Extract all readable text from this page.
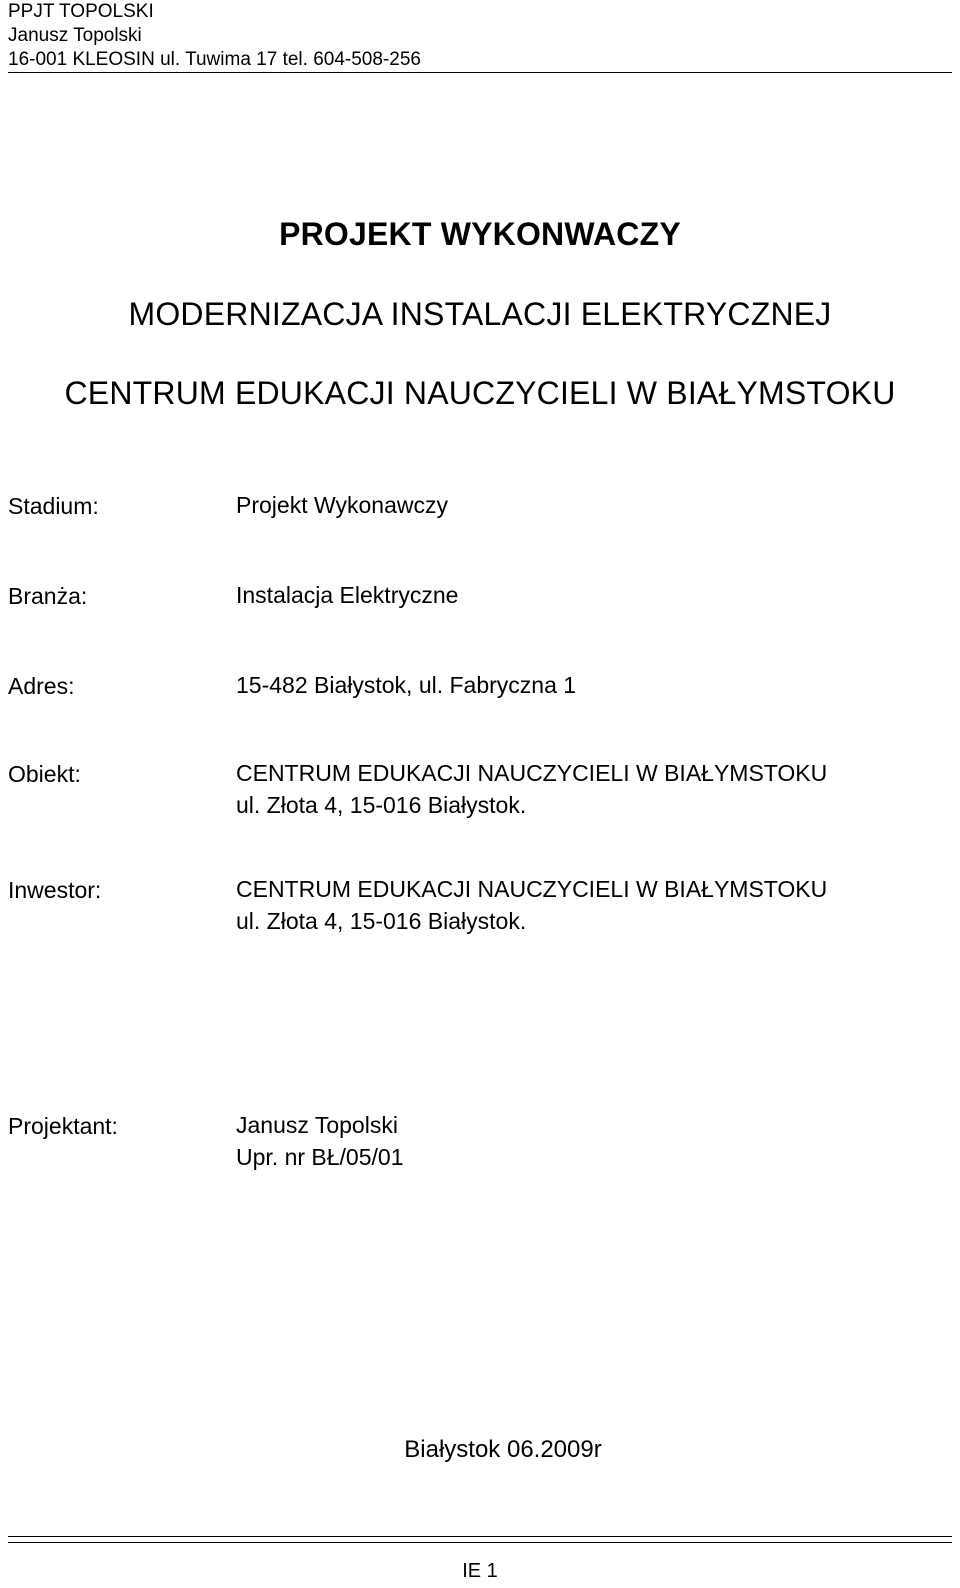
PPJT TOPOLSKI
Janusz Topolski
16-001 KLEOSIN ul. Tuwima 17 tel. 604-508-256
PROJEKT WYKONWACZY
MODERNIZACJA INSTALACJI ELEKTRYCZNEJ
CENTRUM EDUKACJI NAUCZYCIELI W BIAŁYMSTOKU
Stadium:	Projekt Wykonawczy
Branża:	Instalacja Elektryczne
Adres:	15-482 Białystok, ul. Fabryczna 1
Obiekt:	CENTRUM EDUKACJI NAUCZYCIELI W BIAŁYMSTOKU
ul. Złota 4, 15-016 Białystok.
Inwestor:	CENTRUM EDUKACJI NAUCZYCIELI W BIAŁYMSTOKU
ul. Złota 4, 15-016 Białystok.
Projektant:	Janusz Topolski
Upr. nr BŁ/05/01
Białystok 06.2009r
IE 1
